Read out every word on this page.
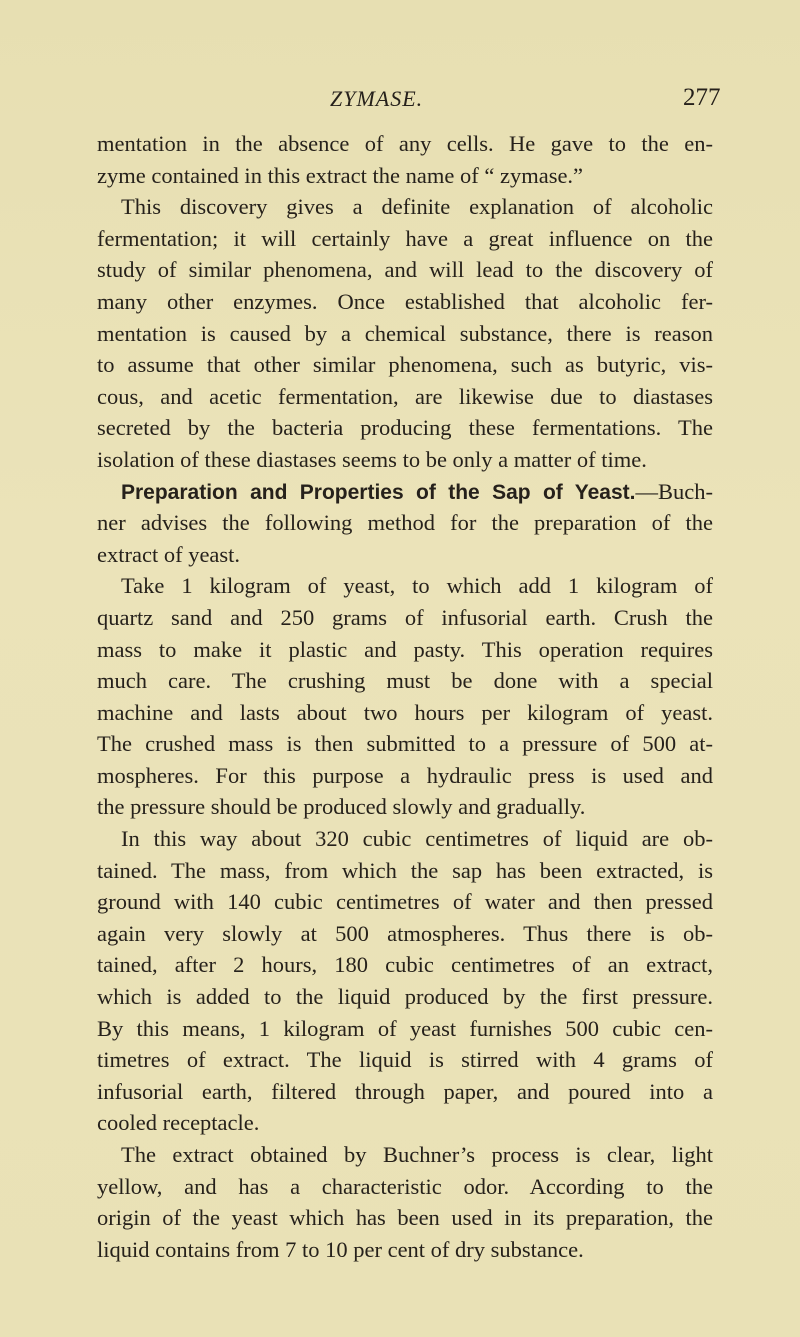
ZYMASE.	277
mentation in the absence of any cells. He gave to the en-
zyme contained in this extract the name of “ zymase.”
This discovery gives a definite explanation of alcoholic
fermentation; it will certainly have a great influence on the
study of similar phenomena, and will lead to the discovery of
many other enzymes. Once established that alcoholic fer-
mentation is caused by a chemical substance, there is reason
to assume that other similar phenomena, such as butyric, vis-
cous, and acetic fermentation, are likewise due to diastases
secreted by the bacteria producing these fermentations. The
isolation of these diastases seems to be only a matter of time.
Preparation and Properties of the Sap of Yeast.—Buch-
ner advises the following method for the preparation of the
extract of yeast.
Take 1 kilogram of yeast, to which add 1 kilogram of
quartz sand and 250 grams of infusorial earth. Crush the
mass to make it plastic and pasty. This operation requires
much care. The crushing must be done with a special
machine and lasts about two hours per kilogram of yeast.
The crushed mass is then submitted to a pressure of 500 at-
mospheres. For this purpose a hydraulic press is used and
the pressure should be produced slowly and gradually.
In this way about 320 cubic centimetres of liquid are ob-
tained. The mass, from which the sap has been extracted, is
ground with 140 cubic centimetres of water and then pressed
again very slowly at 500 atmospheres. Thus there is ob-
tained, after 2 hours, 180 cubic centimetres of an extract,
which is added to the liquid produced by the first pressure.
By this means, 1 kilogram of yeast furnishes 500 cubic cen-
timetres of extract. The liquid is stirred with 4 grams of
infusorial earth, filtered through paper, and poured into a
cooled receptacle.
The extract obtained by Buchner’s process is clear, light
yellow, and has a characteristic odor. According to the
origin of the yeast which has been used in its preparation, the
liquid contains from 7 to 10 per cent of dry substance.
